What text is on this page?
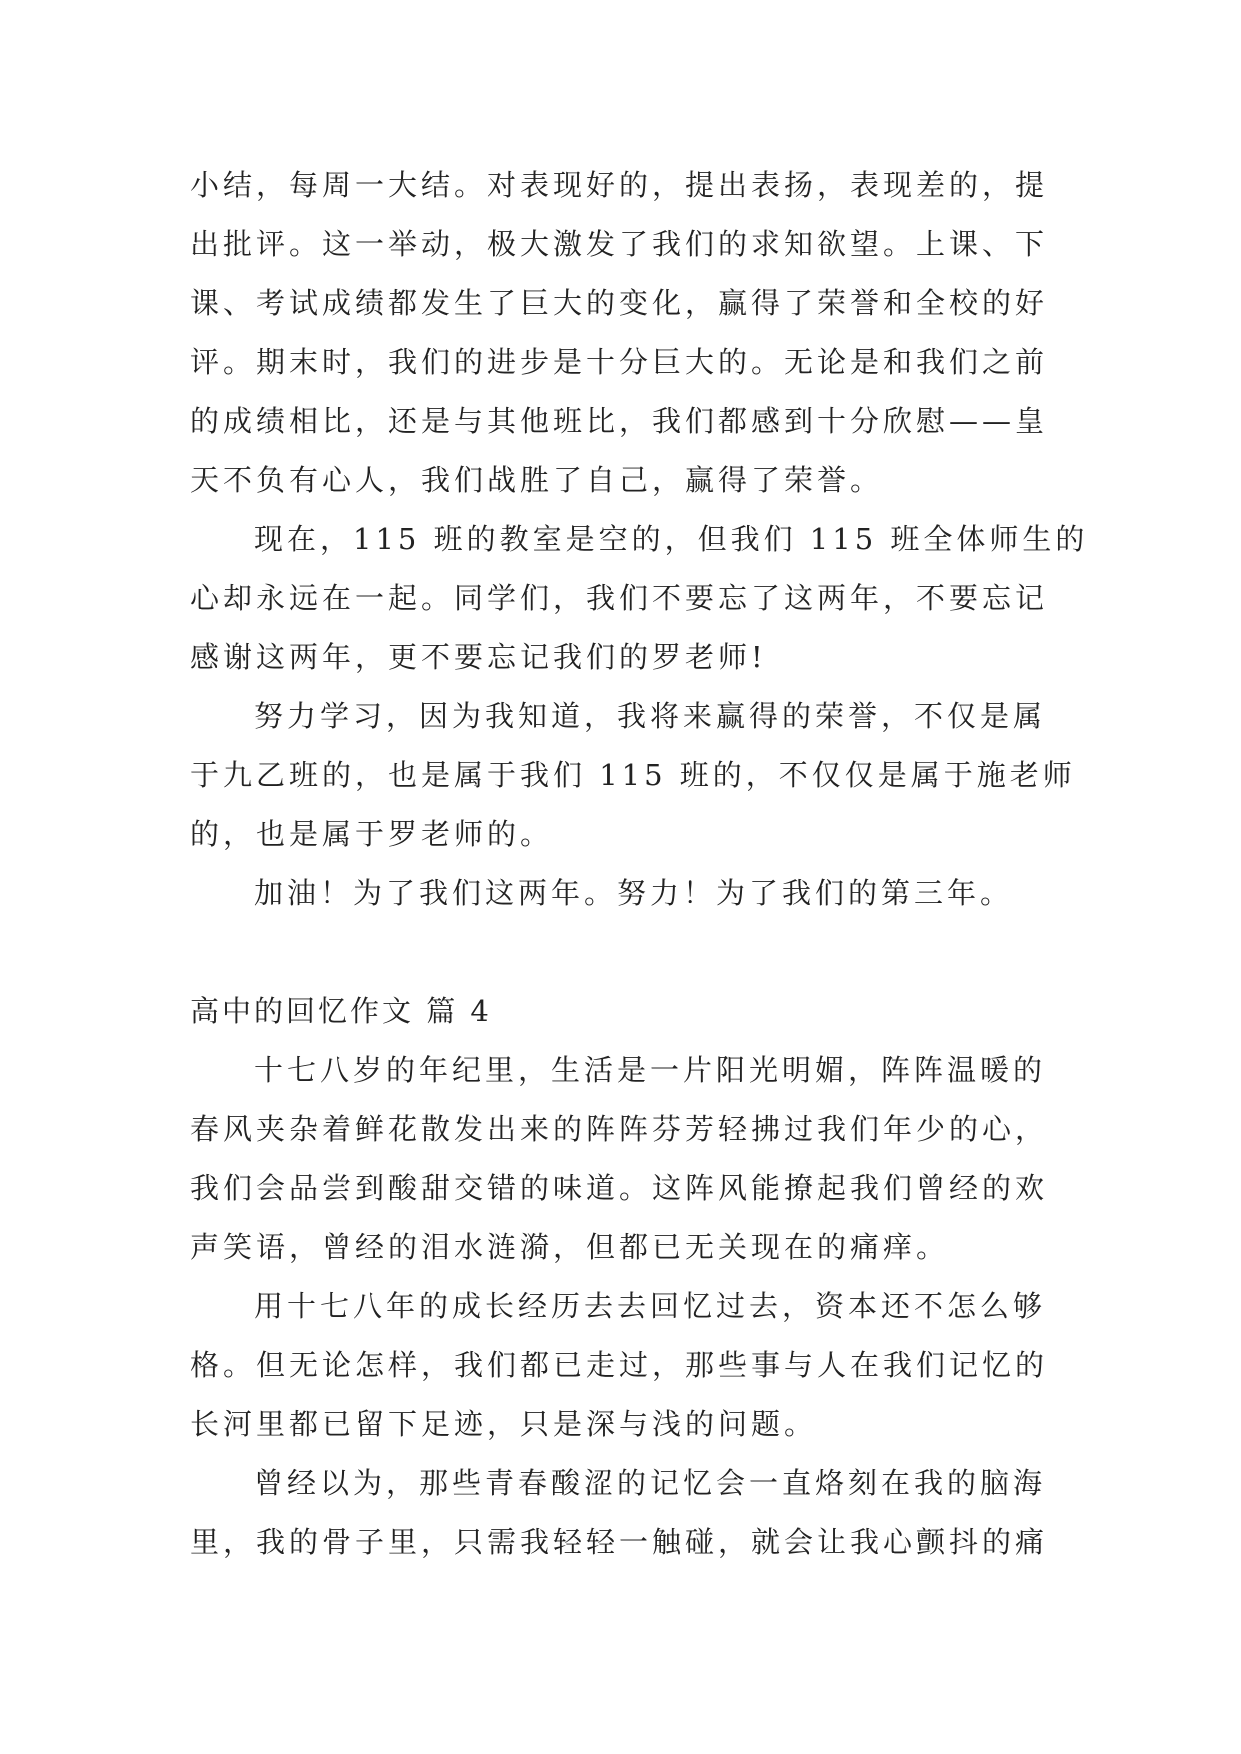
小结，每周一大结。对表现好的，提出表扬，表现差的，提
出批评。这一举动，极大激发了我们的求知欲望。上课、下
课、考试成绩都发生了巨大的变化，赢得了荣誉和全校的好
评。期末时，我们的进步是十分巨大的。无论是和我们之前
的成绩相比，还是与其他班比，我们都感到十分欣慰——皇
天不负有心人，我们战胜了自己，赢得了荣誉。
现在，115 班的教室是空的，但我们 115 班全体师生的
心却永远在一起。同学们，我们不要忘了这两年，不要忘记
感谢这两年，更不要忘记我们的罗老师!
努力学习，因为我知道，我将来赢得的荣誉，不仅是属
于九乙班的，也是属于我们 115 班的，不仅仅是属于施老师
的，也是属于罗老师的。
加油！为了我们这两年。努力！为了我们的第三年。
高中的回忆作文 篇 4
十七八岁的年纪里，生活是一片阳光明媚，阵阵温暖的
春风夹杂着鲜花散发出来的阵阵芬芳轻拂过我们年少的心，
我们会品尝到酸甜交错的味道。这阵风能撩起我们曾经的欢
声笑语，曾经的泪水涟漪，但都已无关现在的痛痒。
用十七八年的成长经历去去回忆过去，资本还不怎么够
格。但无论怎样，我们都已走过，那些事与人在我们记忆的
长河里都已留下足迹，只是深与浅的问题。
曾经以为，那些青春酸涩的记忆会一直烙刻在我的脑海
里，我的骨子里，只需我轻轻一触碰，就会让我心颤抖的痛
